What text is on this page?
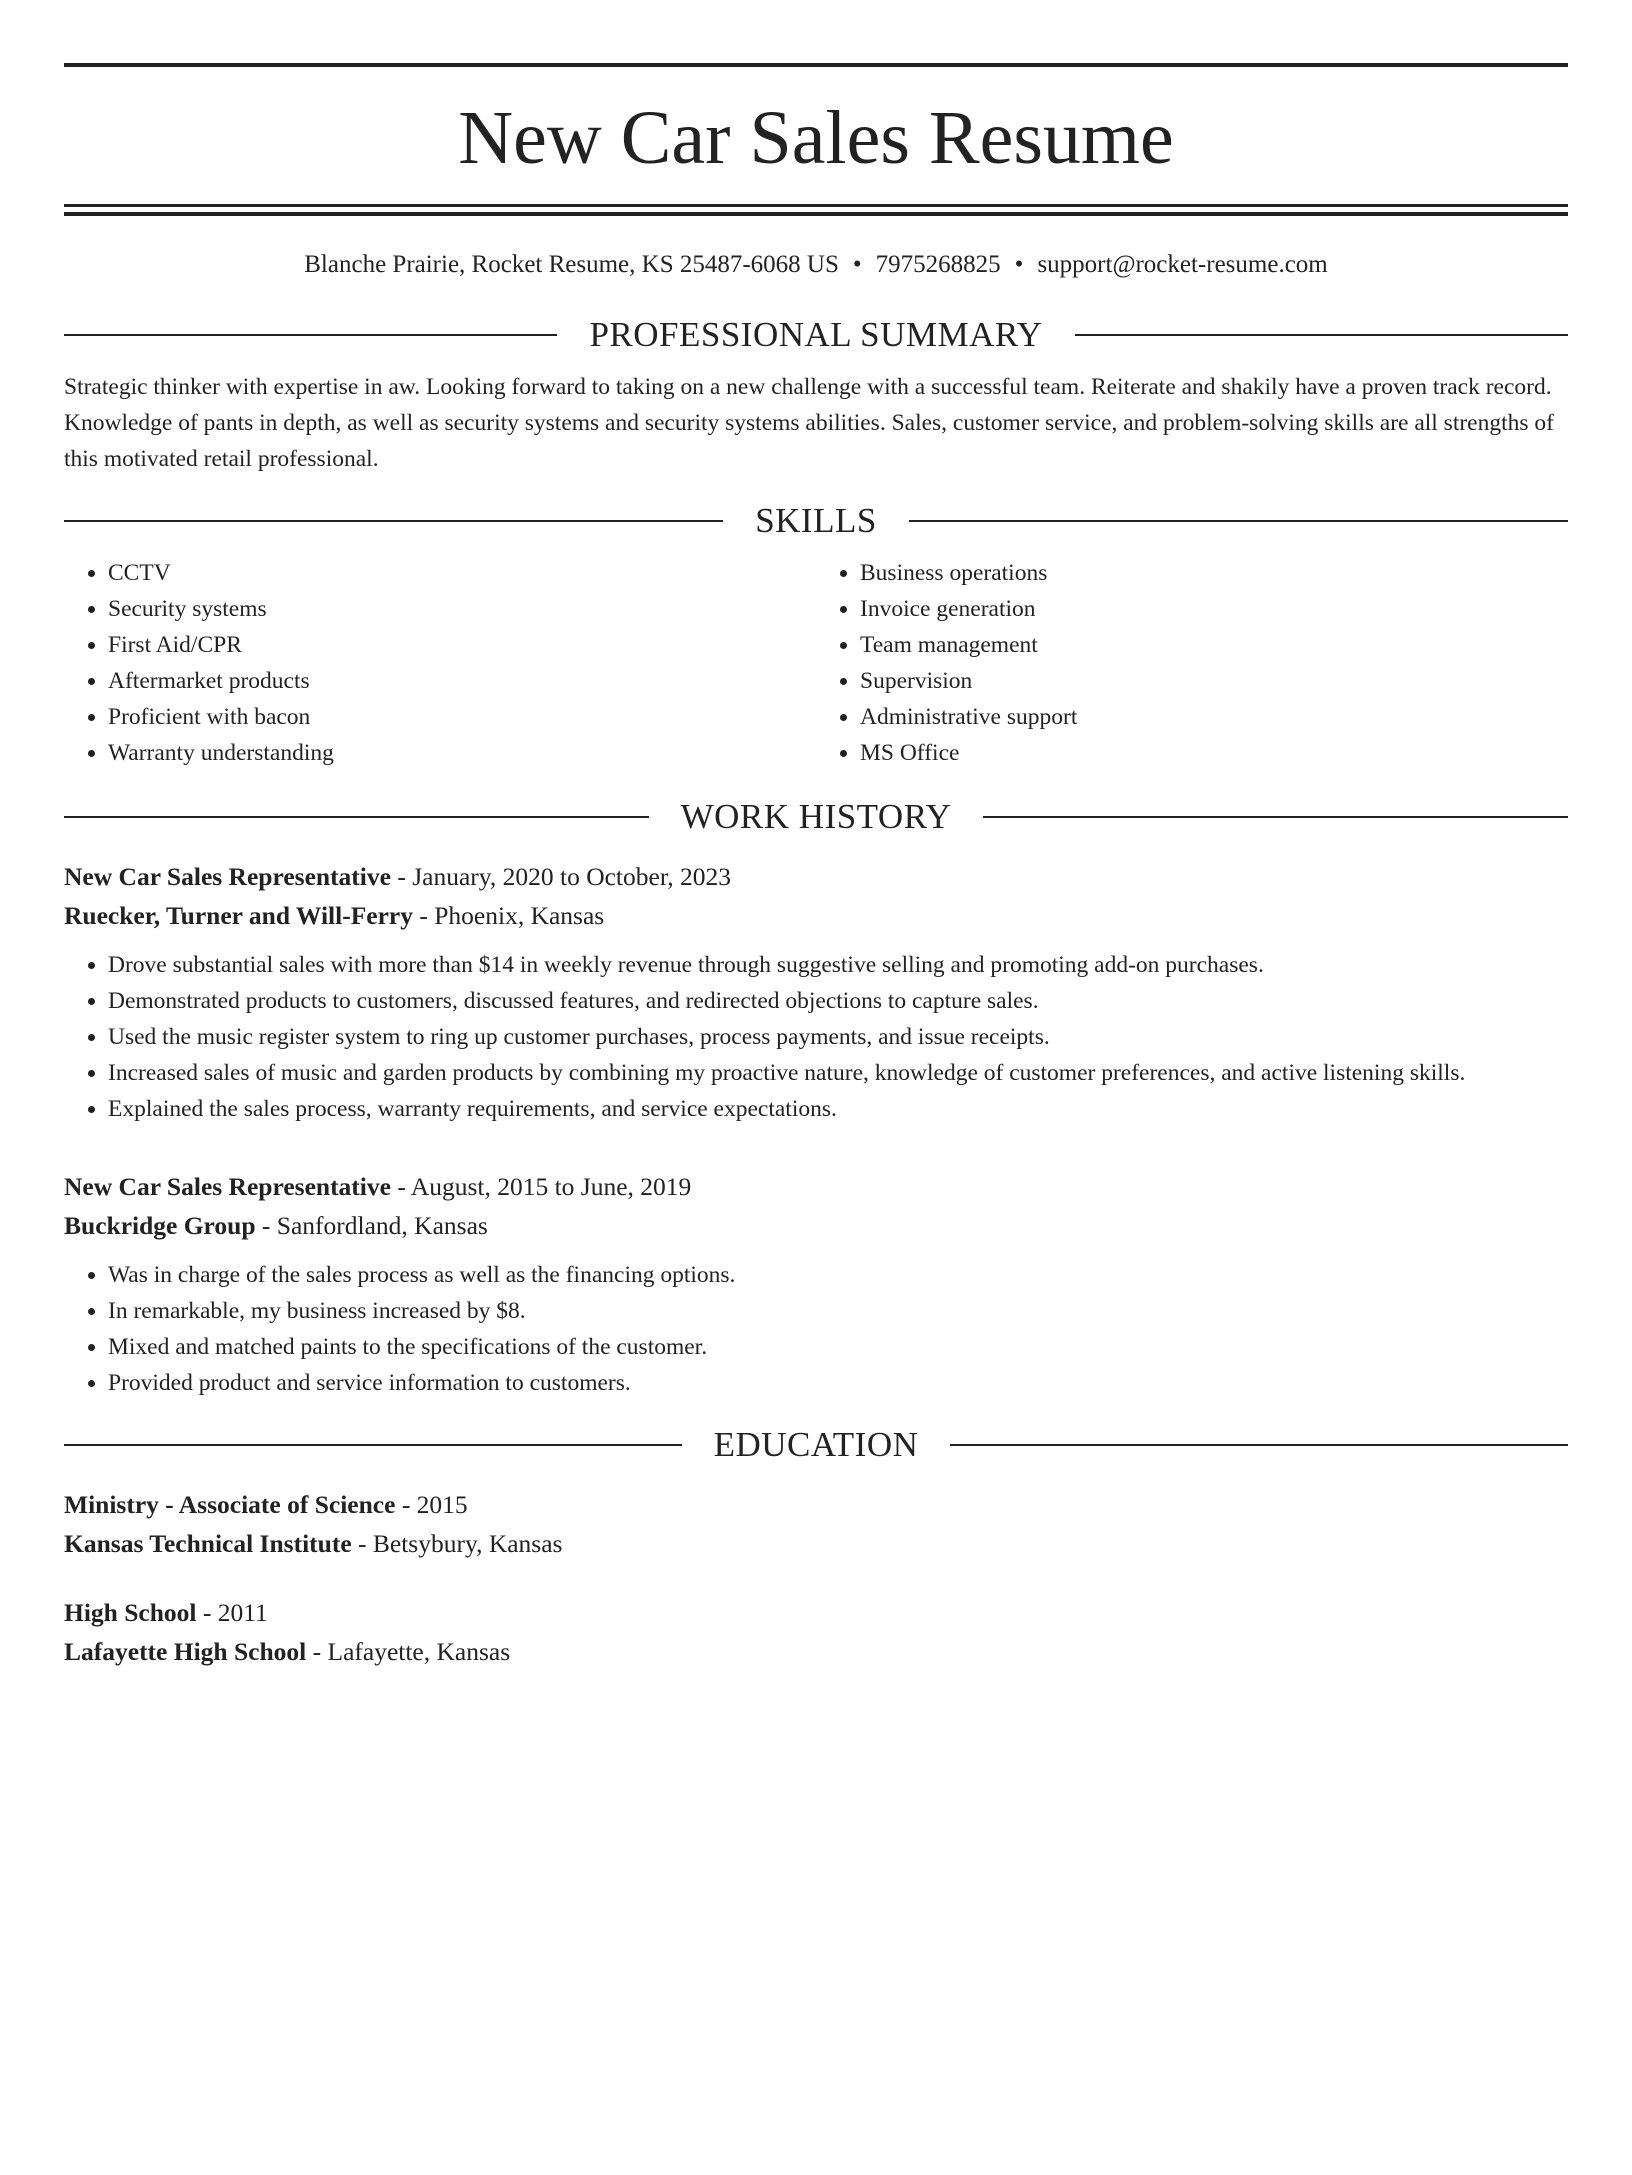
New Car Sales Resume
Blanche Prairie, Rocket Resume, KS 25487-6068 US • 7975268825 • support@rocket-resume.com
PROFESSIONAL SUMMARY
Strategic thinker with expertise in aw. Looking forward to taking on a new challenge with a successful team. Reiterate and shakily have a proven track record. Knowledge of pants in depth, as well as security systems and security systems abilities. Sales, customer service, and problem-solving skills are all strengths of this motivated retail professional.
SKILLS
• CCTV
• Security systems
• First Aid/CPR
• Aftermarket products
• Proficient with bacon
• Warranty understanding
• Business operations
• Invoice generation
• Team management
• Supervision
• Administrative support
• MS Office
WORK HISTORY
New Car Sales Representative - January, 2020 to October, 2023
Ruecker, Turner and Will-Ferry - Phoenix, Kansas
• Drove substantial sales with more than $14 in weekly revenue through suggestive selling and promoting add-on purchases.
• Demonstrated products to customers, discussed features, and redirected objections to capture sales.
• Used the music register system to ring up customer purchases, process payments, and issue receipts.
• Increased sales of music and garden products by combining my proactive nature, knowledge of customer preferences, and active listening skills.
• Explained the sales process, warranty requirements, and service expectations.
New Car Sales Representative - August, 2015 to June, 2019
Buckridge Group - Sanfordland, Kansas
• Was in charge of the sales process as well as the financing options.
• In remarkable, my business increased by $8.
• Mixed and matched paints to the specifications of the customer.
• Provided product and service information to customers.
EDUCATION
Ministry - Associate of Science - 2015
Kansas Technical Institute - Betsybury, Kansas
High School - 2011
Lafayette High School - Lafayette, Kansas
